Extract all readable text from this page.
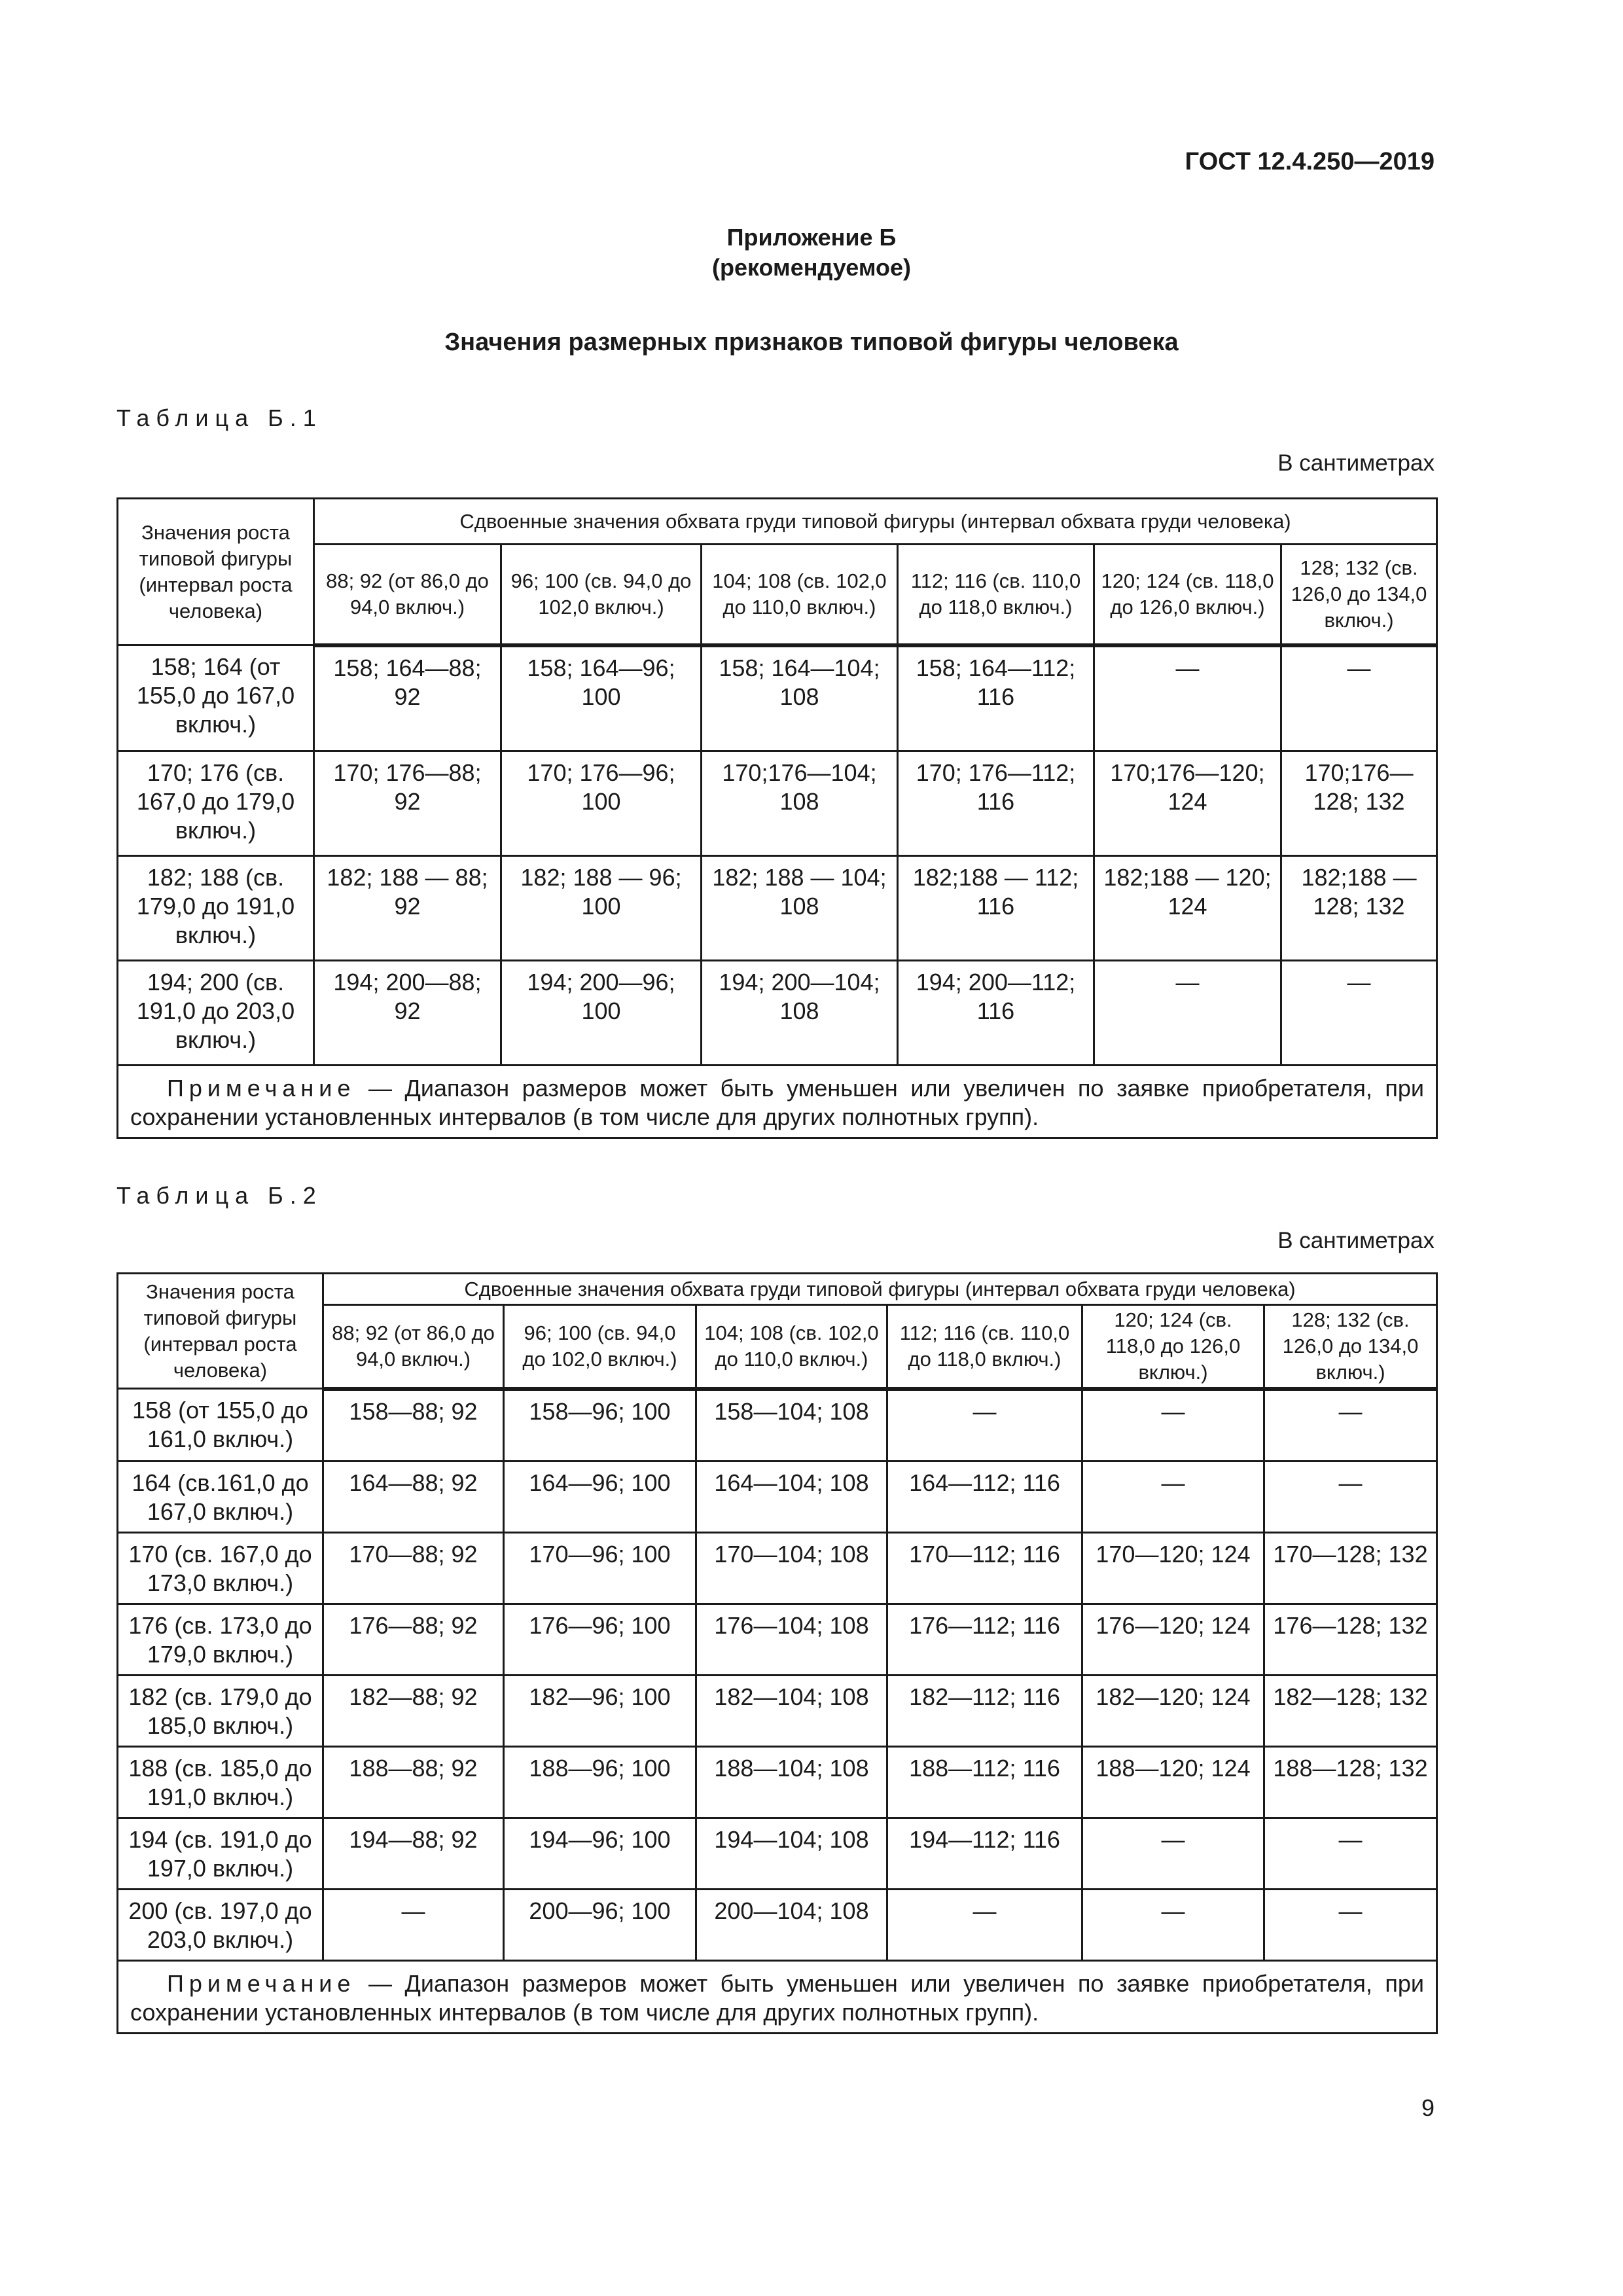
ГОСТ 12.4.250—2019
Приложение Б
(рекомендуемое)
Значения размерных признаков типовой фигуры человека
Таблица Б.1
В сантиметрах
Значения роста типовой фигуры (интервал роста человека)	Сдвоенные значения обхвата груди типовой фигуры (интервал обхвата груди человека)					
	88; 92 (от 86,0 до 94,0 включ.)	96; 100 (св. 94,0 до 102,0 включ.)	104; 108 (св. 102,0 до 110,0 включ.)	112; 116 (св. 110,0 до 118,0 включ.)	120; 124 (св. 118,0 до 126,0 включ.)	128; 132 (св. 126,0 до 134,0 включ.)
158; 164 (от 155,0 до 167,0 включ.)	158; 164—88; 92	158; 164—96; 100	158; 164—104; 108	158; 164—112; 116	—	—
170; 176 (св. 167,0 до 179,0 включ.)	170; 176—88; 92	170; 176—96; 100	170;176—104; 108	170; 176—112; 116	170;176—120; 124	170;176—128; 132
182; 188 (св. 179,0 до 191,0 включ.)	182; 188 — 88; 92	182; 188 — 96; 100	182; 188 — 104; 108	182;188 — 112; 116	182;188 — 120; 124	182;188 — 128; 132
194; 200 (св. 191,0 до 203,0 включ.)	194; 200—88; 92	194; 200—96; 100	194; 200—104; 108	194; 200—112; 116	—	—
Примечание — Диапазон размеров может быть уменьшен или увеличен по заявке приобретателя, при сохранении установленных интервалов (в том числе для других полнотных групп).						
Таблица Б.2
В сантиметрах
Значения роста типовой фигуры (интервал роста человека)	Сдвоенные значения обхвата груди типовой фигуры (интервал обхвата груди человека)					
	88; 92 (от 86,0 до 94,0 включ.)	96; 100 (св. 94,0 до 102,0 включ.)	104; 108 (св. 102,0 до 110,0 включ.)	112; 116 (св. 110,0 до 118,0 включ.)	120; 124 (св. 118,0 до 126,0 включ.)	128; 132 (св. 126,0 до 134,0 включ.)
158 (от 155,0 до 161,0 включ.)	158—88; 92	158—96; 100	158—104; 108	—	—	—
164 (св.161,0 до 167,0 включ.)	164—88; 92	164—96; 100	164—104; 108	164—112; 116	—	—
170 (св. 167,0 до 173,0 включ.)	170—88; 92	170—96; 100	170—104; 108	170—112; 116	170—120; 124	170—128; 132
176 (св. 173,0 до 179,0 включ.)	176—88; 92	176—96; 100	176—104; 108	176—112; 116	176—120; 124	176—128; 132
182 (св. 179,0 до 185,0 включ.)	182—88; 92	182—96; 100	182—104; 108	182—112; 116	182—120; 124	182—128; 132
188 (св. 185,0 до 191,0 включ.)	188—88; 92	188—96; 100	188—104; 108	188—112; 116	188—120; 124	188—128; 132
194 (св. 191,0 до 197,0 включ.)	194—88; 92	194—96; 100	194—104; 108	194—112; 116	—	—
200 (св. 197,0 до 203,0 включ.)	—	200—96; 100	200—104; 108	—	—	—
Примечание — Диапазон размеров может быть уменьшен или увеличен по заявке приобретателя, при сохранении установленных интервалов (в том числе для других полнотных групп).						
9
